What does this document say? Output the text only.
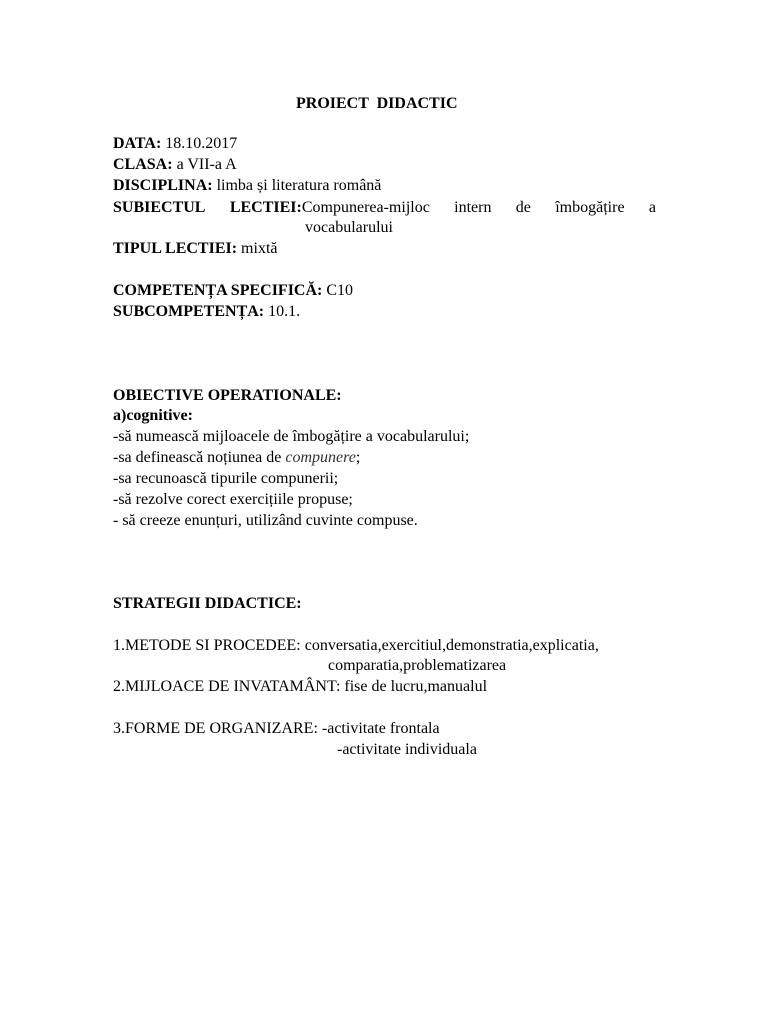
PROIECT DIDACTIC
DATA: 18.10.2017
CLASA: a VII-a A
DISCIPLINA: limba și literatura română
SUBIECTUL LECTIEI:Compunerea-mijloc intern de îmbogățire a
vocabularului
TIPUL LECTIEI: mixtă
COMPETENȚA SPECIFICĂ: C10
SUBCOMPETENȚA: 10.1.
OBIECTIVE OPERATIONALE:
a)cognitive:
-să numească mijloacele de îmbogățire a vocabularului;
-sa defineascǎ noțiunea de compunere;
-sa recunoască tipurile compunerii;
-să rezolve corect exercițiile propuse;
- să creeze enunțuri, utilizând cuvinte compuse.
STRATEGII DIDACTICE:
1.METODE SI PROCEDEE: conversatia,exercitiul,demonstratia,explicatia,
comparatia,problematizarea
2.MIJLOACE DE INVATAMÂNT: fise de lucru,manualul
3.FORME DE ORGANIZARE: -activitate frontala
-activitate individuala
